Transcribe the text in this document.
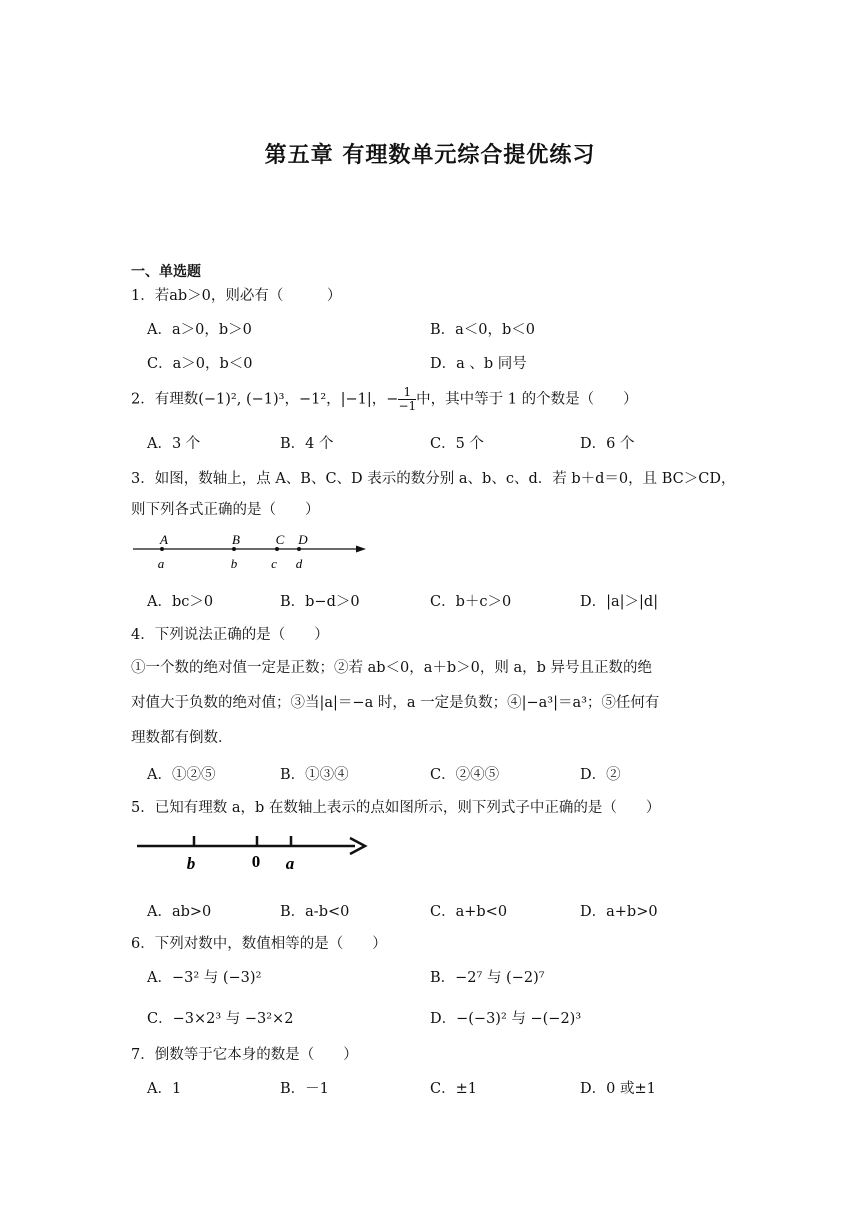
第五章 有理数单元综合提优练习
一、单选题
1．若ab＞0，则必有（　　　）
A．a＞0，b＞0	B．a＜0，b＜0
C．a＞0，b＜0	D．a 、b 同号
2．有理数(−1)², (−1)³，−1²，|−1|，− $\frac{1}{-1}$ 中，其中等于 1 的个数是（　　）
A．3 个	B．4 个	C．5 个	D．6 个
3．如图，数轴上，点 A、B、C、D 表示的数分别 a、b、c、d．若 b＋d＝0，且 BC＞CD，
则下列各式正确的是（　　）
A
a
B
b
C
c
D
d
A．bc＞0	B．b−d＞0	C．b＋c＞0	D．|a|＞|d|
4．下列说法正确的是（　　）
①一个数的绝对值一定是正数；②若 ab＜0，a＋b＞0，则 a，b 异号且正数的绝
对值大于负数的绝对值；③当|a|＝−a 时，a 一定是负数；④|−a³|＝a³；⑤任何有
理数都有倒数．
A．①②⑤	B．①③④	C．②④⑤	D．②
5．已知有理数 a，b 在数轴上表示的点如图所示，则下列式子中正确的是（　　）
b	0 a
A．ab>0	B．a-b<0	C．a+b<0	D．a+b>0
6．下列对数中，数值相等的是（　　）
A．−3² 与 (−3)²	B．−2⁷ 与 (−2)⁷
C．−3×2³ 与 −3²×2	D．−(−3)² 与 −(−2)³
7．倒数等于它本身的数是（　　）
A．1	B．－1	C．±1	D．0 或±1
